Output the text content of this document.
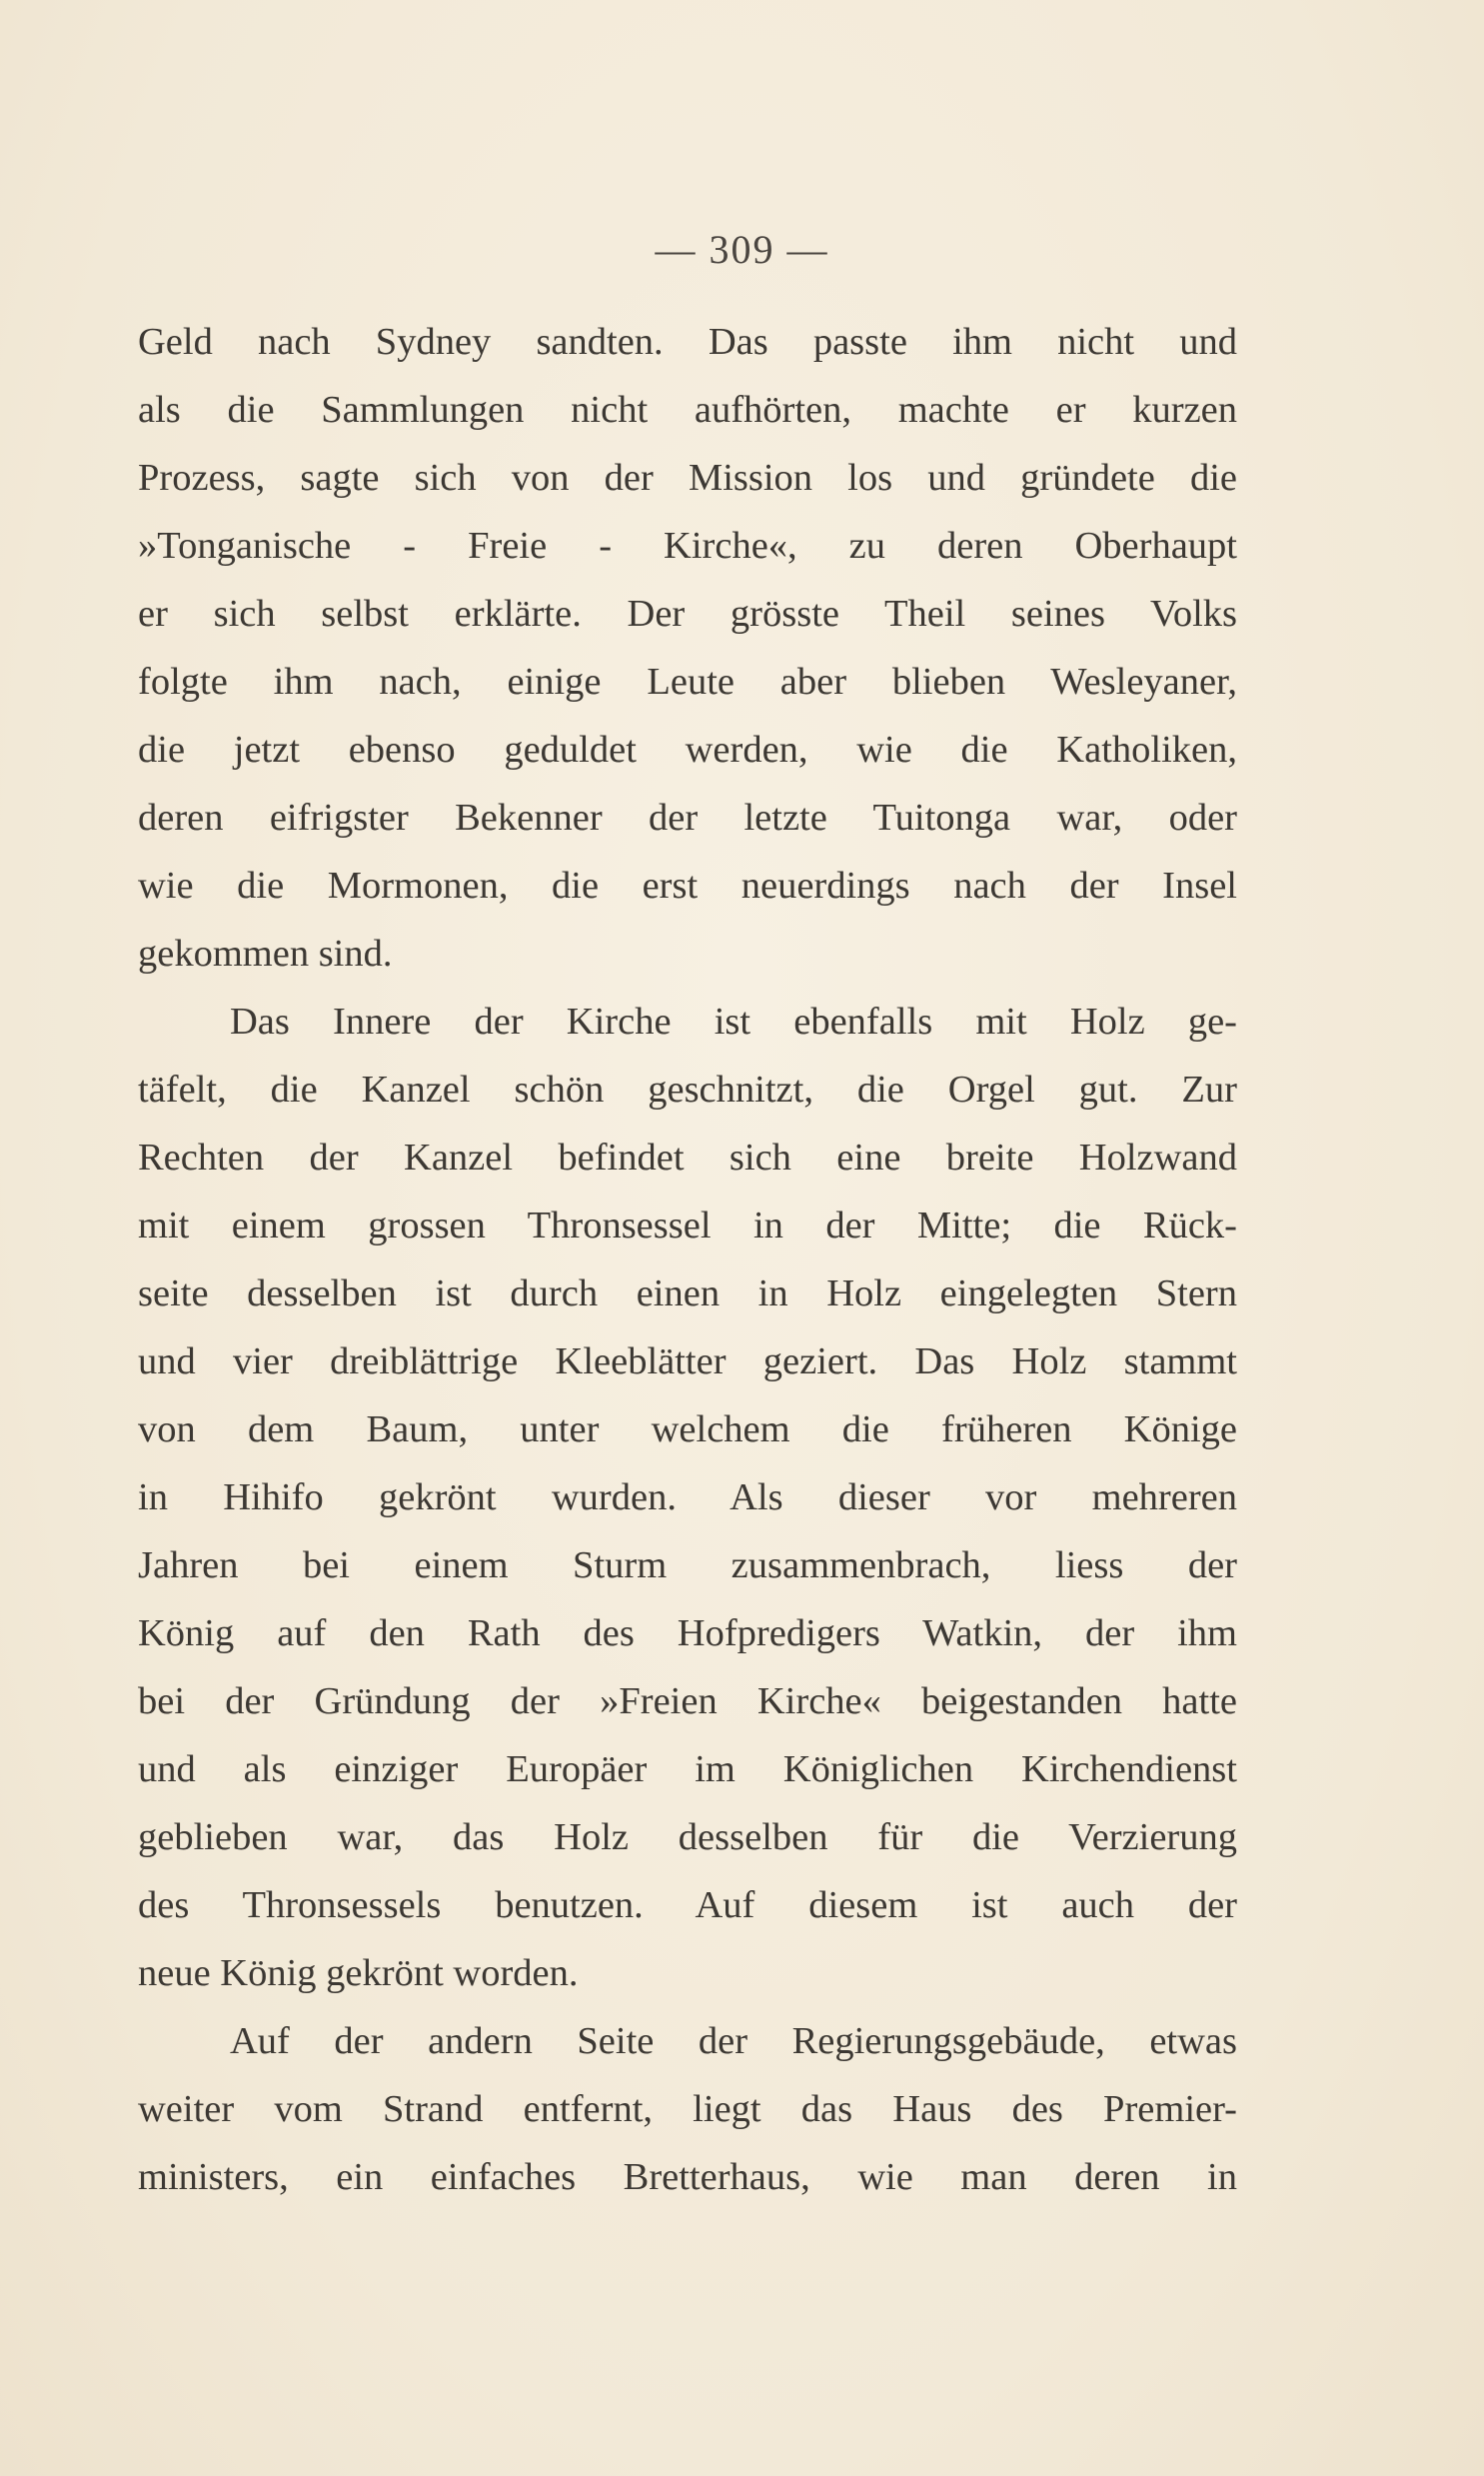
— 309 —
Geld nach Sydney sandten. Das passte ihm nicht und
als die Sammlungen nicht aufhörten, machte er kurzen
Prozess, sagte sich von der Mission los und gründete die
»Tonganische - Freie - Kirche«, zu deren Oberhaupt
er sich selbst erklärte. Der grösste Theil seines Volks
folgte ihm nach, einige Leute aber blieben Wesleyaner,
die jetzt ebenso geduldet werden, wie die Katholiken,
deren eifrigster Bekenner der letzte Tuitonga war, oder
wie die Mormonen, die erst neuerdings nach der Insel
gekommen sind.
Das Innere der Kirche ist ebenfalls mit Holz ge-
täfelt, die Kanzel schön geschnitzt, die Orgel gut. Zur
Rechten der Kanzel befindet sich eine breite Holzwand
mit einem grossen Thronsessel in der Mitte; die Rück-
seite desselben ist durch einen in Holz eingelegten Stern
und vier dreiblättrige Kleeblätter geziert. Das Holz stammt
von dem Baum, unter welchem die früheren Könige
in Hihifo gekrönt wurden. Als dieser vor mehreren
Jahren bei einem Sturm zusammenbrach, liess der
König auf den Rath des Hofpredigers Watkin, der ihm
bei der Gründung der »Freien Kirche« beigestanden hatte
und als einziger Europäer im Königlichen Kirchendienst
geblieben war, das Holz desselben für die Verzierung
des Thronsessels benutzen. Auf diesem ist auch der
neue König gekrönt worden.
Auf der andern Seite der Regierungsgebäude, etwas
weiter vom Strand entfernt, liegt das Haus des Premier-
ministers, ein einfaches Bretterhaus, wie man deren in
